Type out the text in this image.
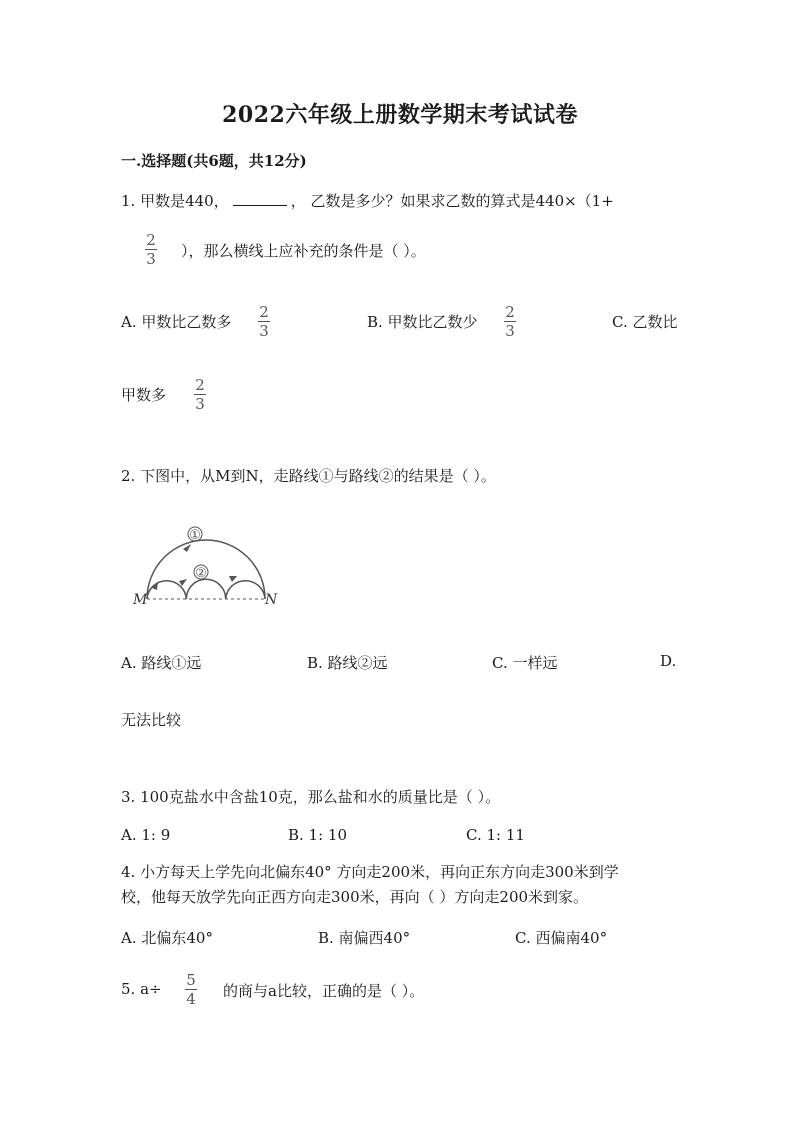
2022六年级上册数学期末考试试卷
一.选择题(共6题，共12分)
1. 甲数是440，	， 乙数是多少？如果求乙数的算式是440×（1+
2
3	），那么横线上应补充的条件是（ ）。
A. 甲数比乙数多
2
3	B. 甲数比乙数少
2
3	C. 乙数比
甲数多
2
3
2. 下图中，从M到N，走路线①与路线②的结果是（ ）。
①
②
M	N
A. 路线①远	B. 路线②远	C. 一样远	D.
无法比较
3. 100克盐水中含盐10克，那么盐和水的质量比是（ ）。
A. 1: 9	B. 1: 10	C. 1: 11
4. 小方每天上学先向北偏东40° 方向走200米，再向正东方向走300米到学
校，他每天放学先向正西方向走300米，再向（ ）方向走200米到家。
A. 北偏东40°	B. 南偏西40°	C. 西偏南40°
5. a÷	5
4	的商与a比较，正确的是（ ）。
